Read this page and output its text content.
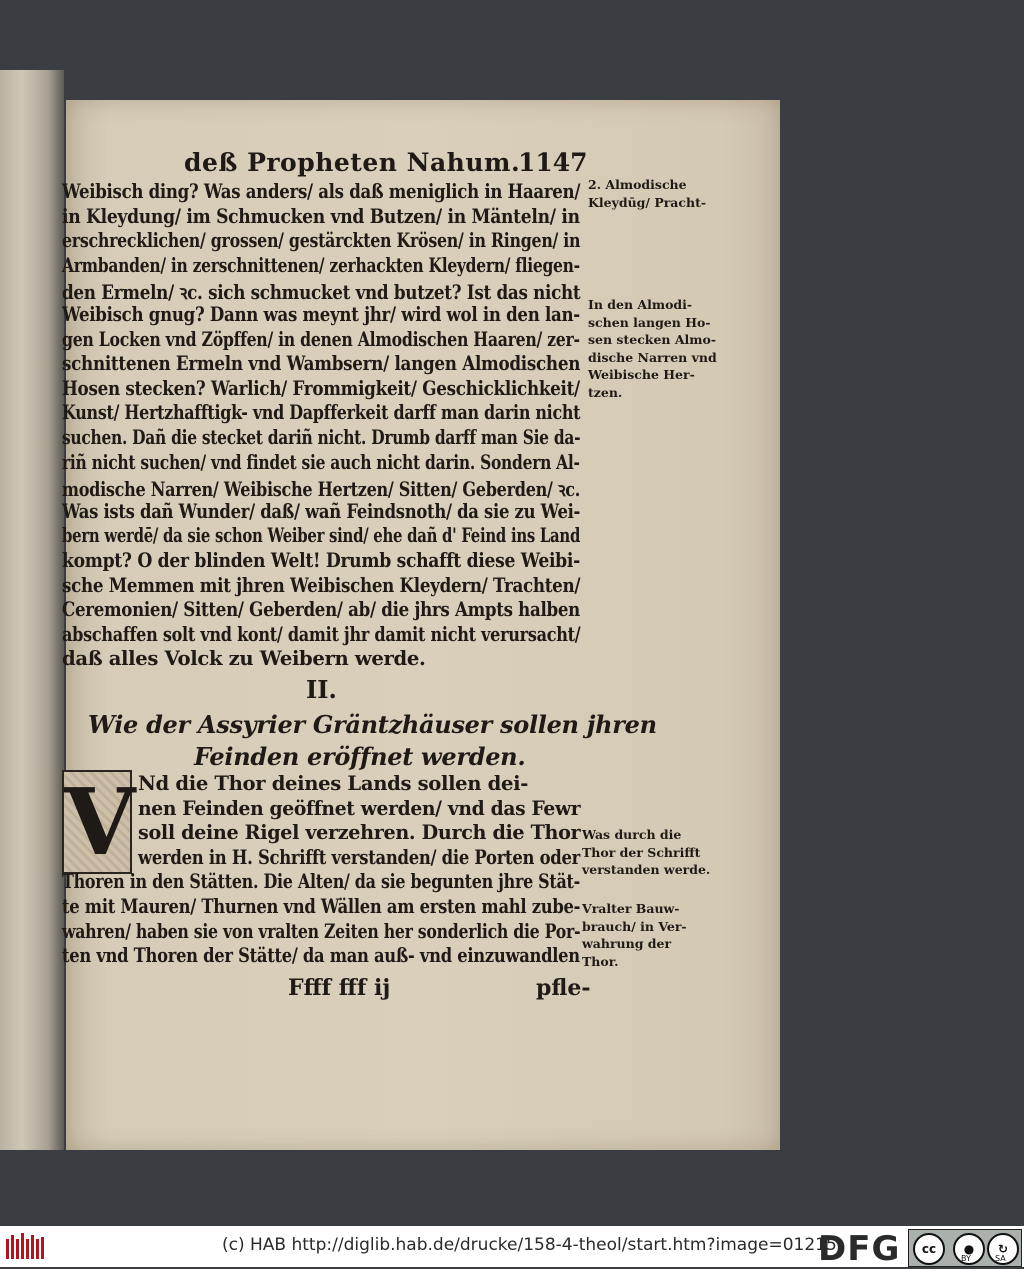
deß Propheten Nahum.
1147
Weibisch ding? Was anders/ als daß meniglich in Haaren/
in Kleydung/ im Schmucken vnd Butzen/ in Mänteln/ in
erschrecklichen/ grossen/ gestärckten Krösen/ in Ringen/ in
Armbanden/ in zerschnittenen/ zerhackten Kleydern/ fliegen-
den Ermeln/ ꝛc. sich schmucket vnd butzet? Ist das nicht
Weibisch gnug? Dann was meynt jhr/ wird wol in den lan-
gen Locken vnd Zöpffen/ in denen Almodischen Haaren/ zer-
schnittenen Ermeln vnd Wambsern/ langen Almodischen
Hosen stecken? Warlich/ Frommigkeit/ Geschicklichkeit/
Kunst/ Hertzhafftigk- vnd Dapfferkeit darff man darin nicht
suchen. Dañ die stecket dariñ nicht. Drumb darff man Sie da-
riñ nicht suchen/ vnd findet sie auch nicht darin. Sondern Al-
modische Narren/ Weibische Hertzen/ Sitten/ Geberden/ ꝛc.
Was ists dañ Wunder/ daß/ wañ Feindsnoth/ da sie zu Wei-
bern werdē/ da sie schon Weiber sind/ ehe dañ d' Feind ins Land
kompt? O der blinden Welt! Drumb schafft diese Weibi-
sche Memmen mit jhren Weibischen Kleydern/ Trachten/
Ceremonien/ Sitten/ Geberden/ ab/ die jhrs Ampts halben
abschaffen solt vnd kont/ damit jhr damit nicht verursacht/
daß alles Volck zu Weibern werde.
II.
Wie der Assyrier Gräntzhäuser sollen jhren
Feinden eröffnet werden.
V Nd die Thor deines Lands sollen dei-
nen Feinden geöffnet werden/ vnd das Fewr
soll deine Rigel verzehren. Durch die Thor
werden in H. Schrifft verstanden/ die Porten oder
Thoren in den Stätten. Die Alten/ da sie begunten jhre Stät-
te mit Mauren/ Thurnen vnd Wällen am ersten mahl zube-
wahren/ haben sie von vralten Zeiten her sonderlich die Por-
ten vnd Thoren der Stätte/ da man auß- vnd einzuwandlen
Ffff fff ij	pfle-
2. Almodische
Kleydūg/ Pracht-
In den Almodi-
schen langen Ho-
sen stecken Almo-
dische Narren vnd
Weibische Her-
tzen.
Was durch die
Thor der Schrifft
verstanden werde.
Vralter Bauw-
brauch/ in Ver-
wahrung der
Thor.
(c) HAB http://diglib.hab.de/drucke/158-4-theol/start.htm?image=01215
DFG	cc	●	↻
BY	SA
